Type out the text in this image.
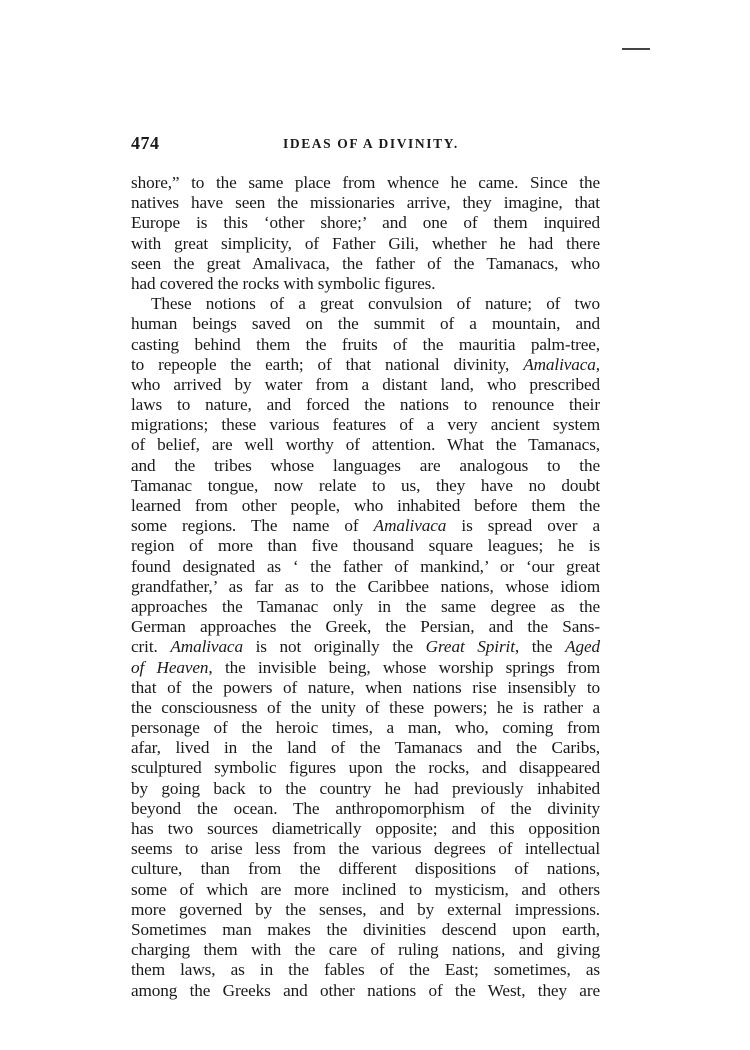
474	IDEAS OF A DIVINITY.
shore,” to the same place from whence he came. Since the
natives have seen the missionaries arrive, they imagine, that
Europe is this ‘other shore;’ and one of them inquired
with great simplicity, of Father Gili, whether he had there
seen the great Amalivaca, the father of the Tamanacs, who
had covered the rocks with symbolic figures.
These notions of a great convulsion of nature; of two
human beings saved on the summit of a mountain, and
casting behind them the fruits of the mauritia palm-tree,
to repeople the earth; of that national divinity, Amalivaca,
who arrived by water from a distant land, who prescribed
laws to nature, and forced the nations to renounce their
migrations; these various features of a very ancient system
of belief, are well worthy of attention. What the Tamanacs,
and the tribes whose languages are analogous to the
Tamanac tongue, now relate to us, they have no doubt
learned from other people, who inhabited before them the
some regions. The name of Amalivaca is spread over a
region of more than five thousand square leagues; he is
found designated as ‘ the father of mankind,’ or ‘our great
grandfather,’ as far as to the Caribbee nations, whose idiom
approaches the Tamanac only in the same degree as the
German approaches the Greek, the Persian, and the Sans-
crit. Amalivaca is not originally the Great Spirit, the Aged
of Heaven, the invisible being, whose worship springs from
that of the powers of nature, when nations rise insensibly to
the consciousness of the unity of these powers; he is rather a
personage of the heroic times, a man, who, coming from
afar, lived in the land of the Tamanacs and the Caribs,
sculptured symbolic figures upon the rocks, and disappeared
by going back to the country he had previously inhabited
beyond the ocean. The anthropomorphism of the divinity
has two sources diametrically opposite; and this opposition
seems to arise less from the various degrees of intellectual
culture, than from the different dispositions of nations,
some of which are more inclined to mysticism, and others
more governed by the senses, and by external impressions.
Sometimes man makes the divinities descend upon earth,
charging them with the care of ruling nations, and giving
them laws, as in the fables of the East; sometimes, as
among the Greeks and other nations of the West, they are
